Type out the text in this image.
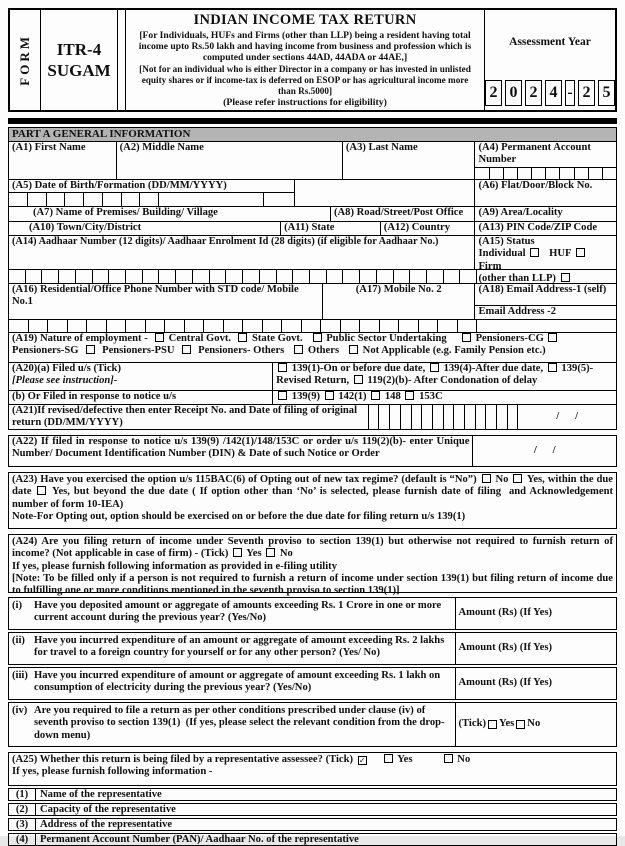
FORM ITR-4
SUGAM
INDIAN INCOME TAX RETURN
[For Individuals, HUFs and Firms (other than LLP) being a resident having total income upto Rs.50 lakh and having income from business and profession which is computed under sections 44AD, 44ADA or 44AE,]
[Not for an individual who is either Director in a company or has invested in unlisted equity shares or if income-tax is deferred on ESOP or has agricultural income more than Rs.5000]
(Please refer instructions for eligibility)
Assessment Year
2 0 2 4 - 2 5
PART A GENERAL INFORMATION
(A1) First Name	(A2) Middle Name	(A3) Last Name	(A4) Permanent Account Number
(A5) Date of Birth/Formation (DD/MM/YYYY)	(A6) Flat/Door/Block No.
(A7) Name of Premises/ Building/ Village	(A8) Road/Street/Post Office	(A9) Area/Locality
(A10) Town/City/District	(A11) State	(A12) Country	(A13) PIN Code/ZIP Code
(A14) Aadhaar Number (12 digits)/ Aadhaar Enrolment Id (28 digits) (if eligible for Aadhaar No.)	(A15) Status
Individual    HUF    Firm
(other than LLP)
(A16) Residential/Office Phone Number with STD code/ Mobile No.1
(A17) Mobile No. 2	(A18) Email Address-1 (self)
Email Address -2
(A19) Nature of employment -   Central Govt.   State Govt.    Public Sector Undertaking      Pensioners-CG  Pensioners-SG    Pensioners-PSU    Pensioners- Others    Others    Not Applicable (e.g. Family Pension etc.)
(A20)(a) Filed u/s (Tick)
[Please see instruction]-
139(1)-On or before due date,  139(4)-After due date,  139(5)-Revised Return,  119(2)(b)- After Condonation of delay
(b) Or Filed in response to notice u/s	139(9)  142(1)  148  153C
(A21)If revised/defective then enter Receipt No. and Date of filing of original return (DD/MM/YYYY)
/      /
(A22) If filed in response to notice u/s 139(9) /142(1)/148/153C or order u/s 119(2)(b)- enter Unique Number/ Document Identification Number (DIN) & Date of such Notice or Order	/      /
(A23) Have you exercised the option u/s 115BAC(6) of Opting out of new tax regime? (default is “No”)  No  Yes, within the due date  Yes, but beyond the due date ( If option other than ‘No’ is selected, please furnish date of filing  and Acknowledgement number of form 10-IEA)
Note-For Opting out, option should be exercised on or before the due date for filing return u/s 139(1)
(A24) Are you filing return of income under Seventh proviso to section 139(1) but otherwise not required to furnish return of income? (Not applicable in case of firm) - (Tick)  Yes  No
If yes, please furnish following information as provided in e-filing utility
[Note: To be filled only if a person is not required to furnish a return of income under section 139(1) but filing return of income due to fulfilling one or more conditions mentioned in the seventh proviso to section 139(1)]
(i)	Have you deposited amount or aggregate of amounts exceeding Rs. 1 Crore in one or more current account during the previous year? (Yes/No)	Amount (Rs) (If Yes)
(ii) Have you incurred expenditure of an amount or aggregate of amount exceeding Rs. 2 lakhs for travel to a foreign country for yourself or for any other person? (Yes/ No)	Amount (Rs) (If Yes)
(iii) Have you incurred expenditure of amount or aggregate of amount exceeding Rs. 1 lakh on consumption of electricity during the previous year? (Yes/No)	Amount (Rs) (If Yes)
(iv) Are you required to file a return as per other conditions prescribed under clause (iv) of seventh proviso to section 139(1)  (If yes, please select the relevant condition from the drop-down menu)
(Tick)
Yes
No
(A25) Whether this return is being filed by a representative assessee? (Tick) ✓	Yes            No
If yes, please furnish following information -
(1)	Name of the representative
(2)	Capacity of the representative
(3)	Address of the representative
(4)	Permanent Account Number (PAN)/ Aadhaar No. of the representative
